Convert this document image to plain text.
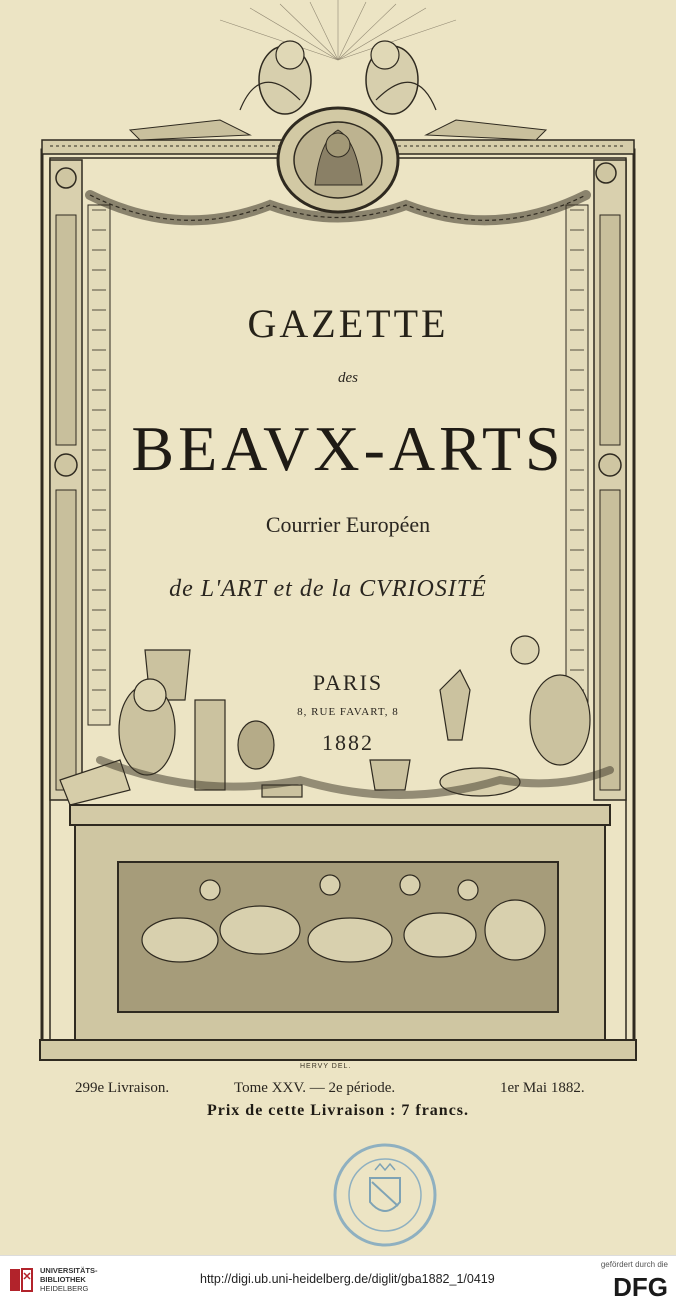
GAZETTE
des
BEAVX-ARTS
Courrier Européen
de L'ART et de la CVRIOSITÉ
PARIS
8, RUE FAVART, 8
1882
HERVY DEL.
299e Livraison.	Tome XXV. — 2e période.	1er Mai 1882.
Prix de cette Livraison : 7 francs.
UNIVERSITÄTS-
BIBLIOTHEK
HEIDELBERG
http://digi.ub.uni-heidelberg.de/diglit/gba1882_1/0419
gefördert durch die
DFG
